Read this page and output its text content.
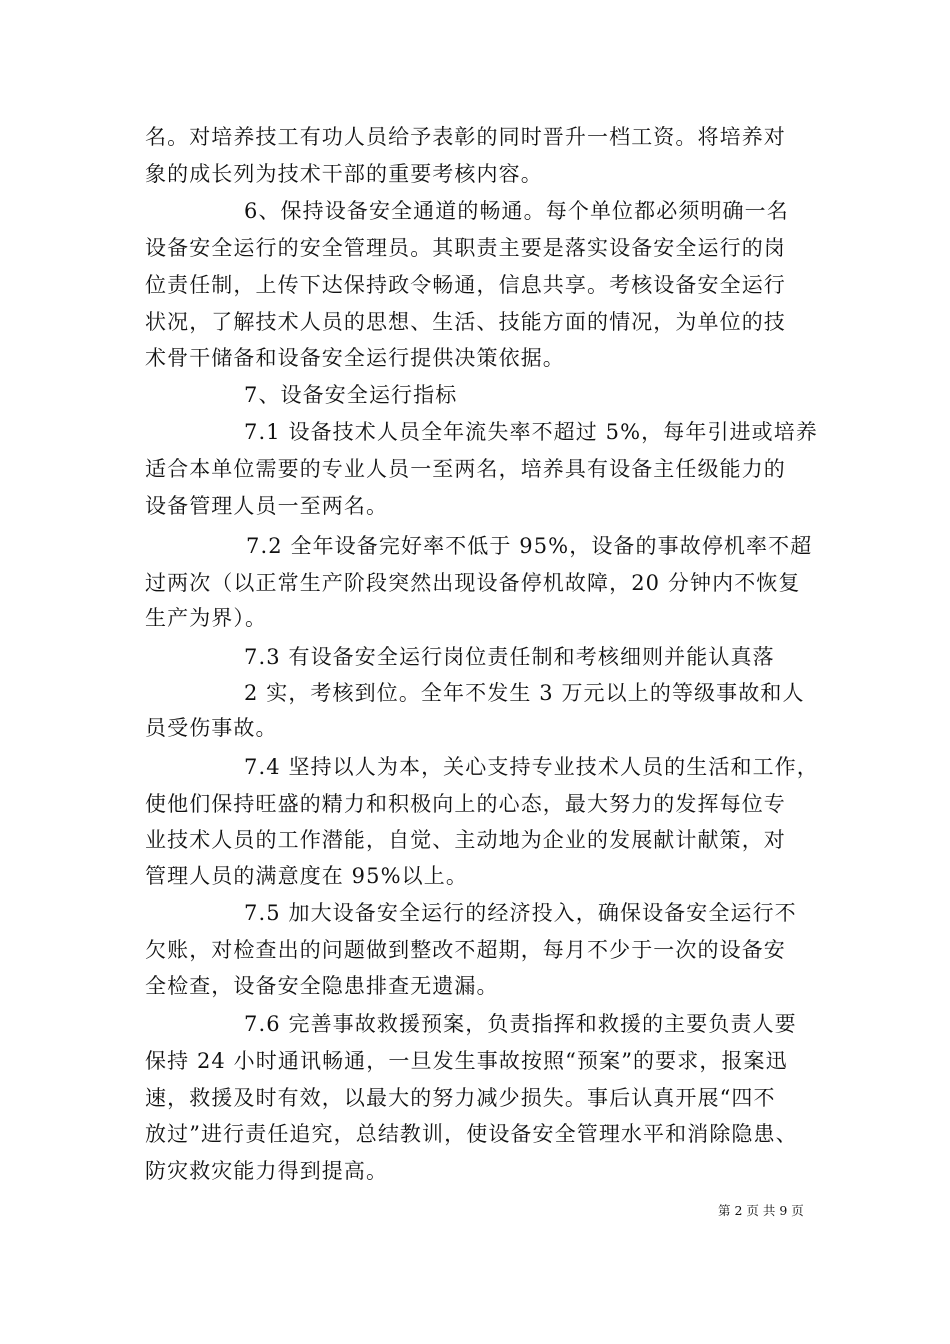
名。对培养技工有功人员给予表彰的同时晋升一档工资。将培养对
象的成长列为技术干部的重要考核内容。
6、保持设备安全通道的畅通。每个单位都必须明确一名
设备安全运行的安全管理员。其职责主要是落实设备安全运行的岗
位责任制，上传下达保持政令畅通，信息共享。考核设备安全运行
状况，了解技术人员的思想、生活、技能方面的情况，为单位的技
术骨干储备和设备安全运行提供决策依据。
7、设备安全运行指标
7.1 设备技术人员全年流失率不超过 5%，每年引进或培养
适合本单位需要的专业人员一至两名，培养具有设备主任级能力的
设备管理人员一至两名。
7.2 全年设备完好率不低于 95%，设备的事故停机率不超
过两次（以正常生产阶段突然出现设备停机故障，20 分钟内不恢复
生产为界）。
7.3 有设备安全运行岗位责任制和考核细则并能认真落
2 实，考核到位。全年不发生 3 万元以上的等级事故和人
员受伤事故。
7.4 坚持以人为本，关心支持专业技术人员的生活和工作，
使他们保持旺盛的精力和积极向上的心态，最大努力的发挥每位专
业技术人员的工作潜能，自觉、主动地为企业的发展献计献策，对
管理人员的满意度在 95%以上。
7.5 加大设备安全运行的经济投入，确保设备安全运行不
欠账，对检查出的问题做到整改不超期，每月不少于一次的设备安
全检查，设备安全隐患排查无遗漏。
7.6 完善事故救援预案，负责指挥和救援的主要负责人要
保持 24 小时通讯畅通，一旦发生事故按照“预案”的要求，报案迅
速，救援及时有效，以最大的努力减少损失。事后认真开展“四不
放过”进行责任追究，总结教训，使设备安全管理水平和消除隐患、
防灾救灾能力得到提高。
第 2 页 共 9 页
